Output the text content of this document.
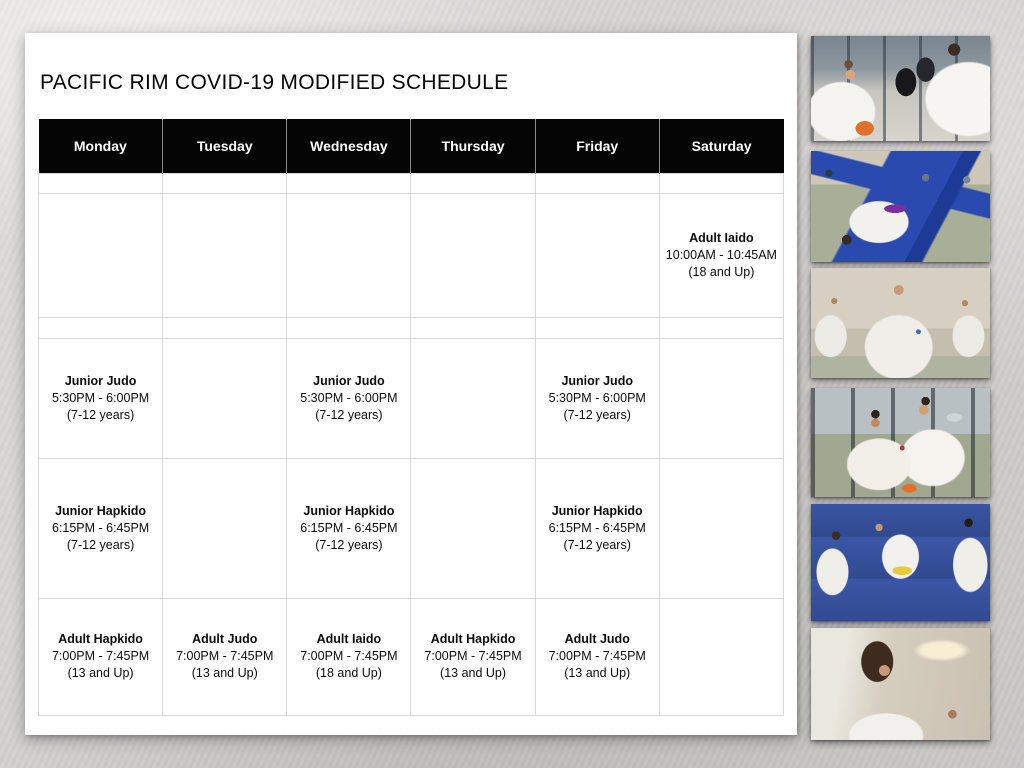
PACIFIC RIM COVID-19 MODIFIED SCHEDULE
Monday	Tuesday	Wednesday	Thursday	Friday	Saturday

					Adult Iaido
10:00AM - 10:45AM
(18 and Up)

Junior Judo
5:30PM - 6:00PM
(7-12 years)		Junior Judo
5:30PM - 6:00PM
(7-12 years)		Junior Judo
5:30PM - 6:00PM
(7-12 years)	

Junior Hapkido
6:15PM - 6:45PM
(7-12 years)		Junior Hapkido
6:15PM - 6:45PM
(7-12 years)		Junior Hapkido
6:15PM - 6:45PM
(7-12 years)	

Adult Hapkido
7:00PM - 7:45PM
(13 and Up)	Adult Judo
7:00PM - 7:45PM
(13 and Up)	Adult Iaido
7:00PM - 7:45PM
(18 and Up)	Adult Hapkido
7:00PM - 7:45PM
(13 and Up)	Adult Judo
7:00PM - 7:45PM
(13 and Up)	
